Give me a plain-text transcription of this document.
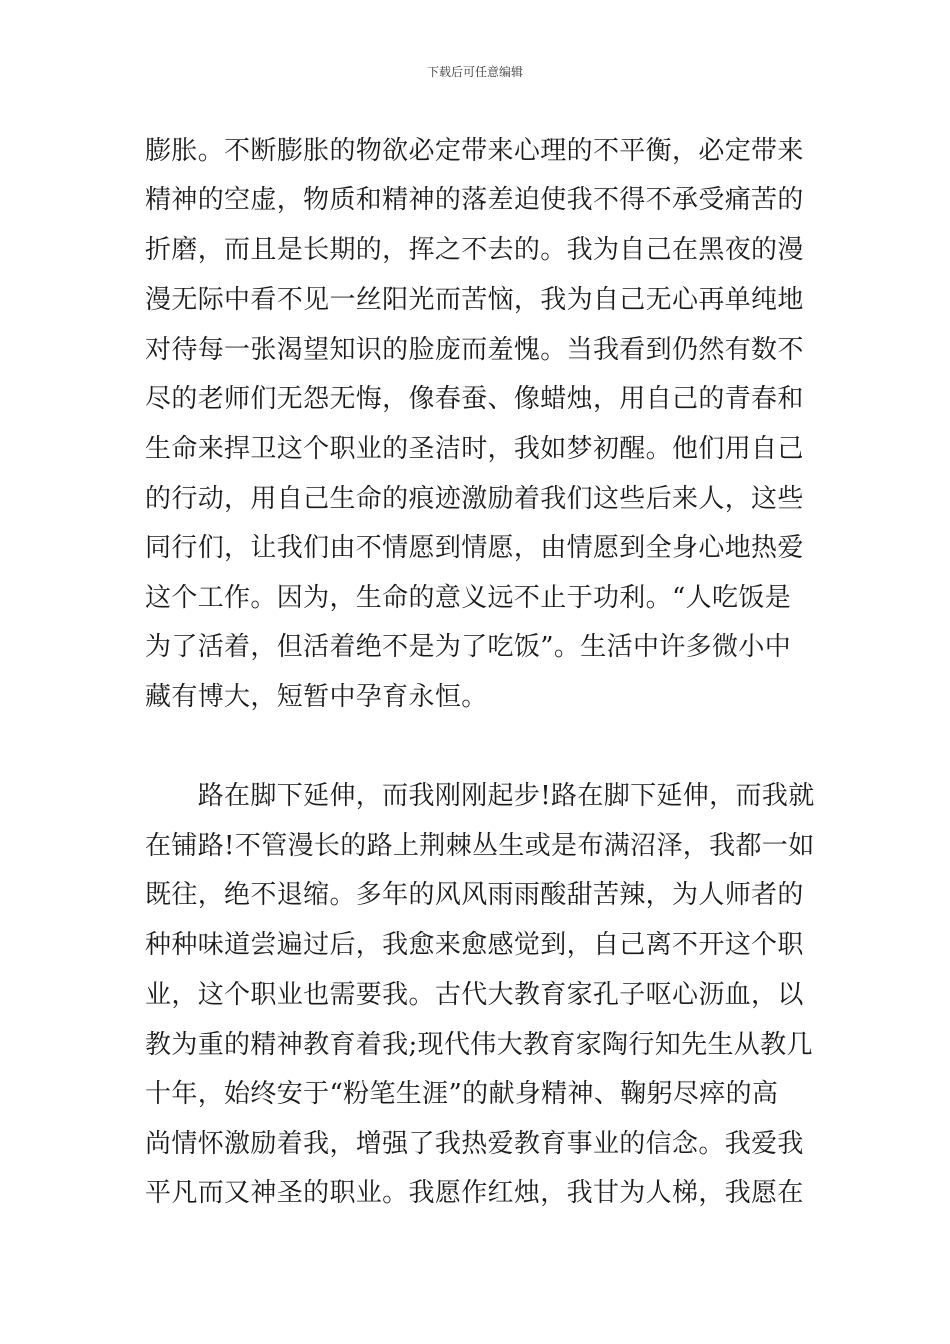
下载后可任意编辑
膨胀。不断膨胀的物欲必定带来心理的不平衡，必定带来
精神的空虚，物质和精神的落差迫使我不得不承受痛苦的
折磨，而且是长期的，挥之不去的。我为自己在黑夜的漫
漫无际中看不见一丝阳光而苦恼，我为自己无心再单纯地
对待每一张渴望知识的脸庞而羞愧。当我看到仍然有数不
尽的老师们无怨无悔，像春蚕、像蜡烛，用自己的青春和
生命来捍卫这个职业的圣洁时，我如梦初醒。他们用自己
的行动，用自己生命的痕迹激励着我们这些后来人，这些
同行们，让我们由不情愿到情愿，由情愿到全身心地热爱
这个工作。因为，生命的意义远不止于功利。“人吃饭是
为了活着，但活着绝不是为了吃饭”。生活中许多微小中
藏有博大，短暂中孕育永恒。
　　路在脚下延伸，而我刚刚起步!路在脚下延伸，而我就
在铺路!不管漫长的路上荆棘丛生或是布满沼泽，我都一如
既往，绝不退缩。多年的风风雨雨酸甜苦辣，为人师者的
种种味道尝遍过后，我愈来愈感觉到，自己离不开这个职
业，这个职业也需要我。古代大教育家孔子呕心沥血，以
教为重的精神教育着我;现代伟大教育家陶行知先生从教几
十年，始终安于“粉笔生涯”的献身精神、鞠躬尽瘁的高
尚情怀激励着我，增强了我热爱教育事业的信念。我爱我
平凡而又神圣的职业。我愿作红烛，我甘为人梯，我愿在
